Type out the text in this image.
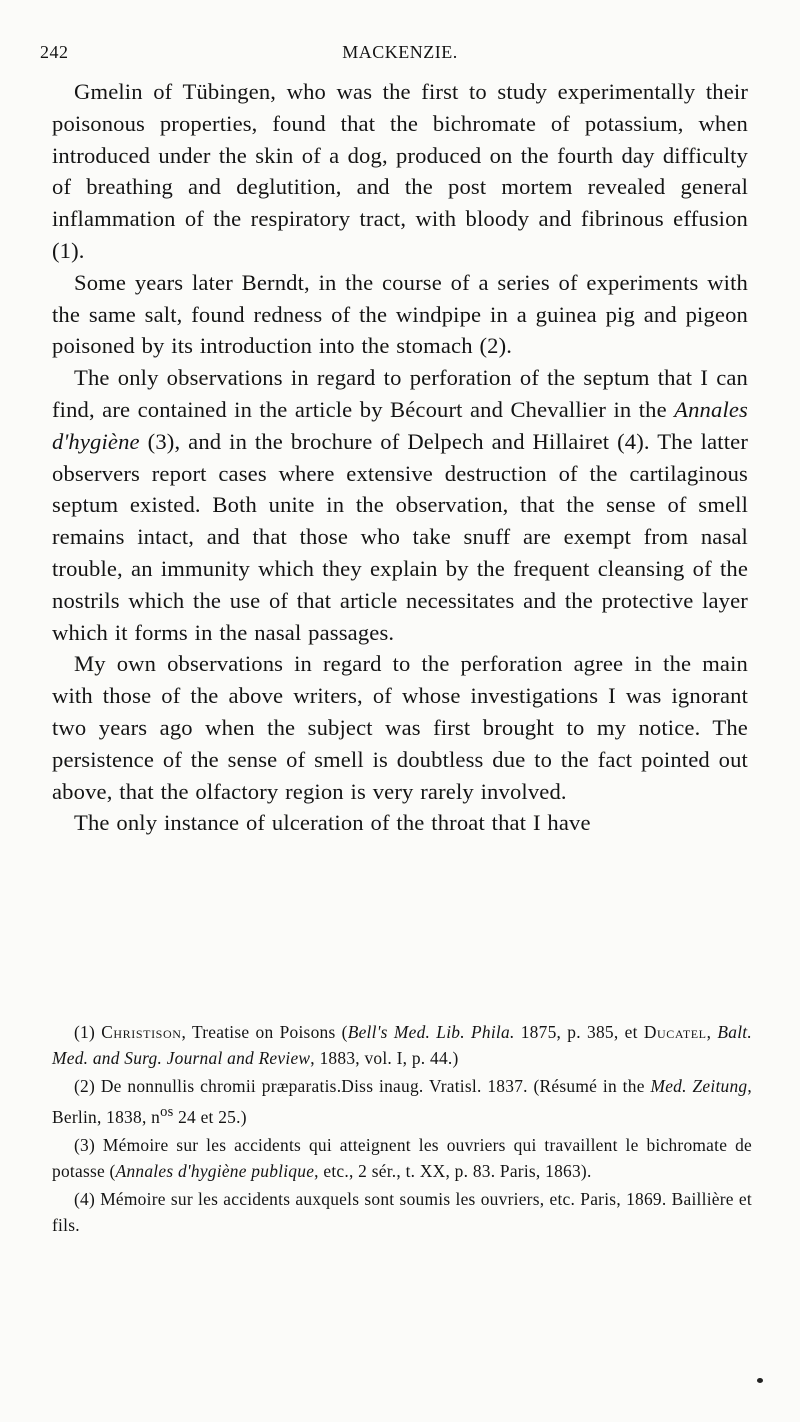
242	MACKENZIE.

Gmelin of Tübingen, who was the first to study experimentally their poisonous properties, found that the bichromate of potassium, when introduced under the skin of a dog, produced on the fourth day difficulty of breathing and deglutition, and the post mortem revealed general inflammation of the respiratory tract, with bloody and fibrinous effusion (1).

Some years later Berndt, in the course of a series of experiments with the same salt, found redness of the windpipe in a guinea pig and pigeon poisoned by its introduction into the stomach (2).

The only observations in regard to perforation of the septum that I can find, are contained in the article by Bécourt and Chevallier in the Annales d'hygiène (3), and in the brochure of Delpech and Hillairet (4). The latter observers report cases where extensive destruction of the cartilaginous septum existed. Both unite in the observation, that the sense of smell remains intact, and that those who take snuff are exempt from nasal trouble, an immunity which they explain by the frequent cleansing of the nostrils which the use of that article necessitates and the protective layer which it forms in the nasal passages.

My own observations in regard to the perforation agree in the main with those of the above writers, of whose investigations I was ignorant two years ago when the subject was first brought to my notice. The persistence of the sense of smell is doubtless due to the fact pointed out above, that the olfactory region is very rarely involved.

The only instance of ulceration of the throat that I have

(1) Christison, Treatise on Poisons (Bell's Med. Lib. Phila. 1875, p. 385, et Ducatel, Balt. Med. and Surg. Journal and Review, 1883, vol. I, p. 44.)

(2) De nonnullis chromii præparatis.Diss inaug. Vratisl. 1837. (Résumé in the Med. Zeitung, Berlin, 1838, $n^{os}$ 24 et 25.)

(3) Mémoire sur les accidents qui atteignent les ouvriers qui travaillent le bichromate de potasse (Annales d'hygiène publique, etc., 2 sér., t. XX, p. 83. Paris, 1863).

(4) Mémoire sur les accidents auxquels sont soumis les ouvriers, etc. Paris, 1869. Baillière et fils.
